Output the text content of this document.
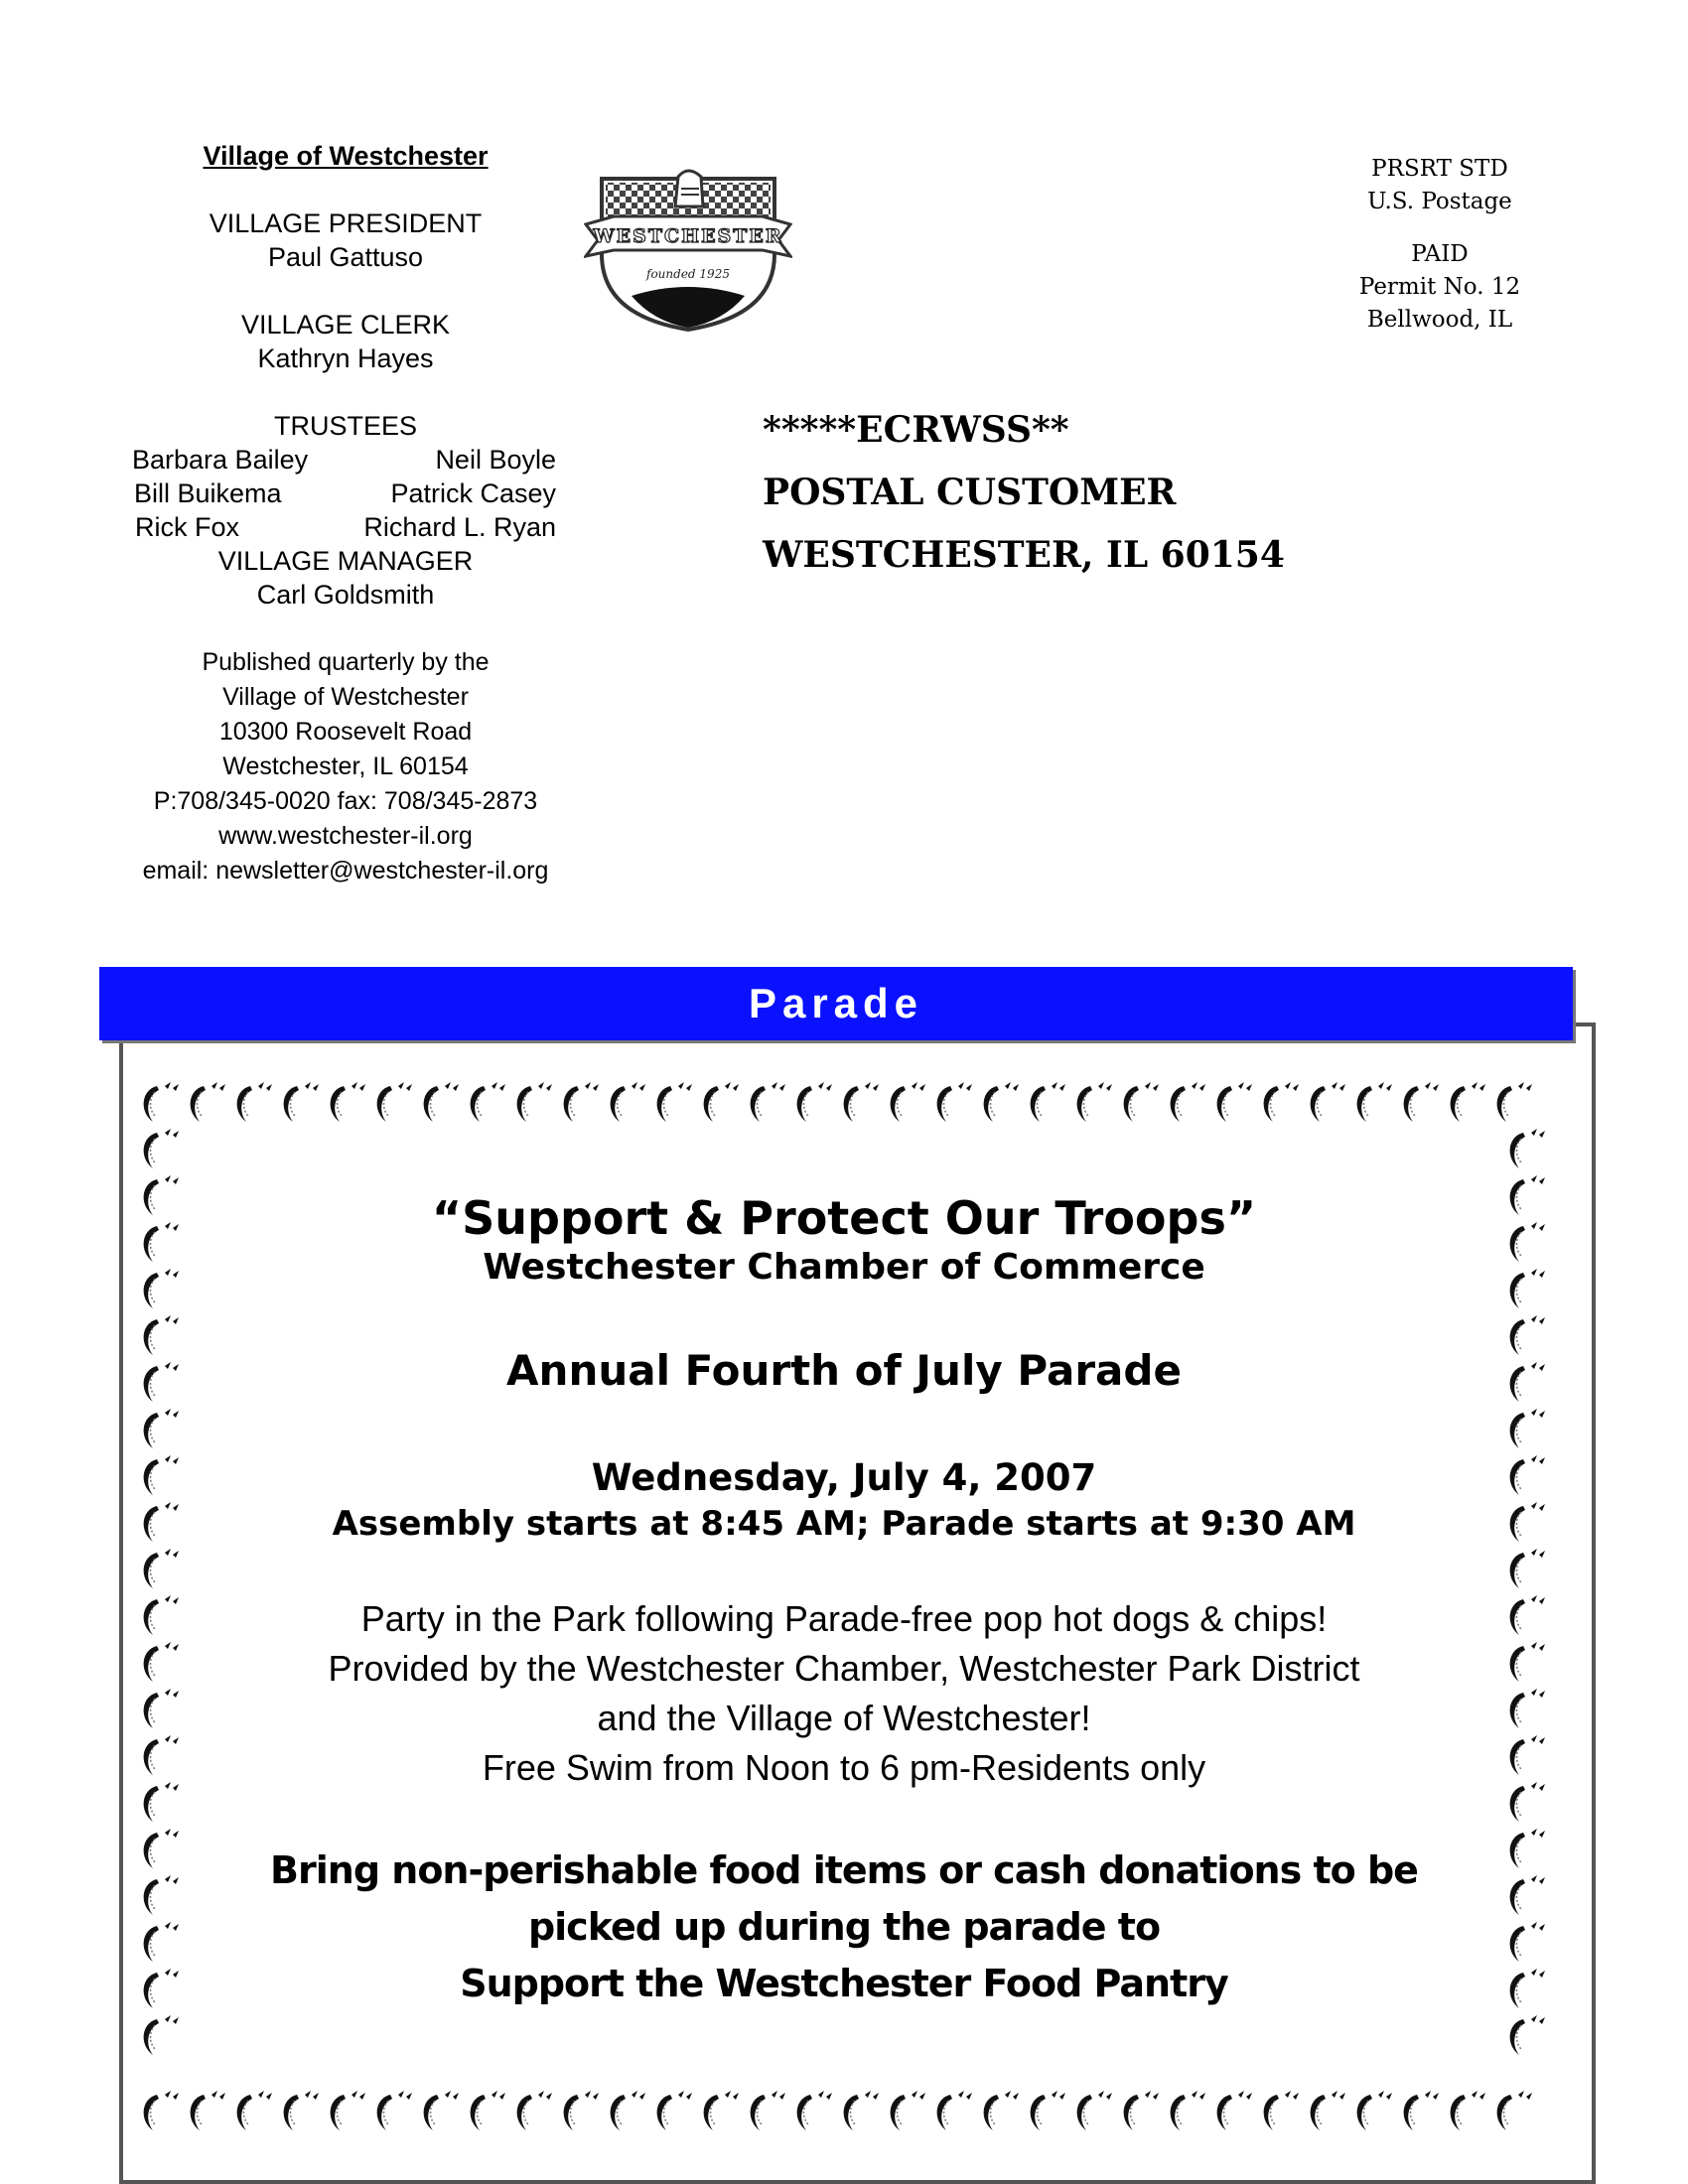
Village of Westchester
VILLAGE PRESIDENT
Paul Gattuso
VILLAGE CLERK
Kathryn Hayes
TRUSTEES
Barbara Bailey	Neil Boyle
Bill Buikema	Patrick Casey
Rick Fox	Richard L. Ryan
VILLAGE MANAGER
Carl Goldsmith
Published quarterly by the
Village of Westchester
10300 Roosevelt Road
Westchester, IL 60154
P:708/345-0020 fax: 708/345-2873
www.westchester-il.org
email: newsletter@westchester-il.org
WESTCHESTER
founded 1925
PRSRT STD
U.S. Postage
PAID
Permit No. 12
Bellwood, IL
*****ECRWSS**
POSTAL CUSTOMER
WESTCHESTER, IL 60154
Parade
“Support & Protect Our Troops”
Westchester Chamber of Commerce
Annual Fourth of July Parade
Wednesday, July 4, 2007
Assembly starts at 8:45 AM; Parade starts at 9:30 AM
Party in the Park following Parade-free pop hot dogs & chips!
Provided by the Westchester Chamber, Westchester Park District
and the Village of Westchester!
Free Swim from Noon to 6 pm-Residents only
Bring non-perishable food items or cash donations to be
picked up during the parade to
Support the Westchester Food Pantry
